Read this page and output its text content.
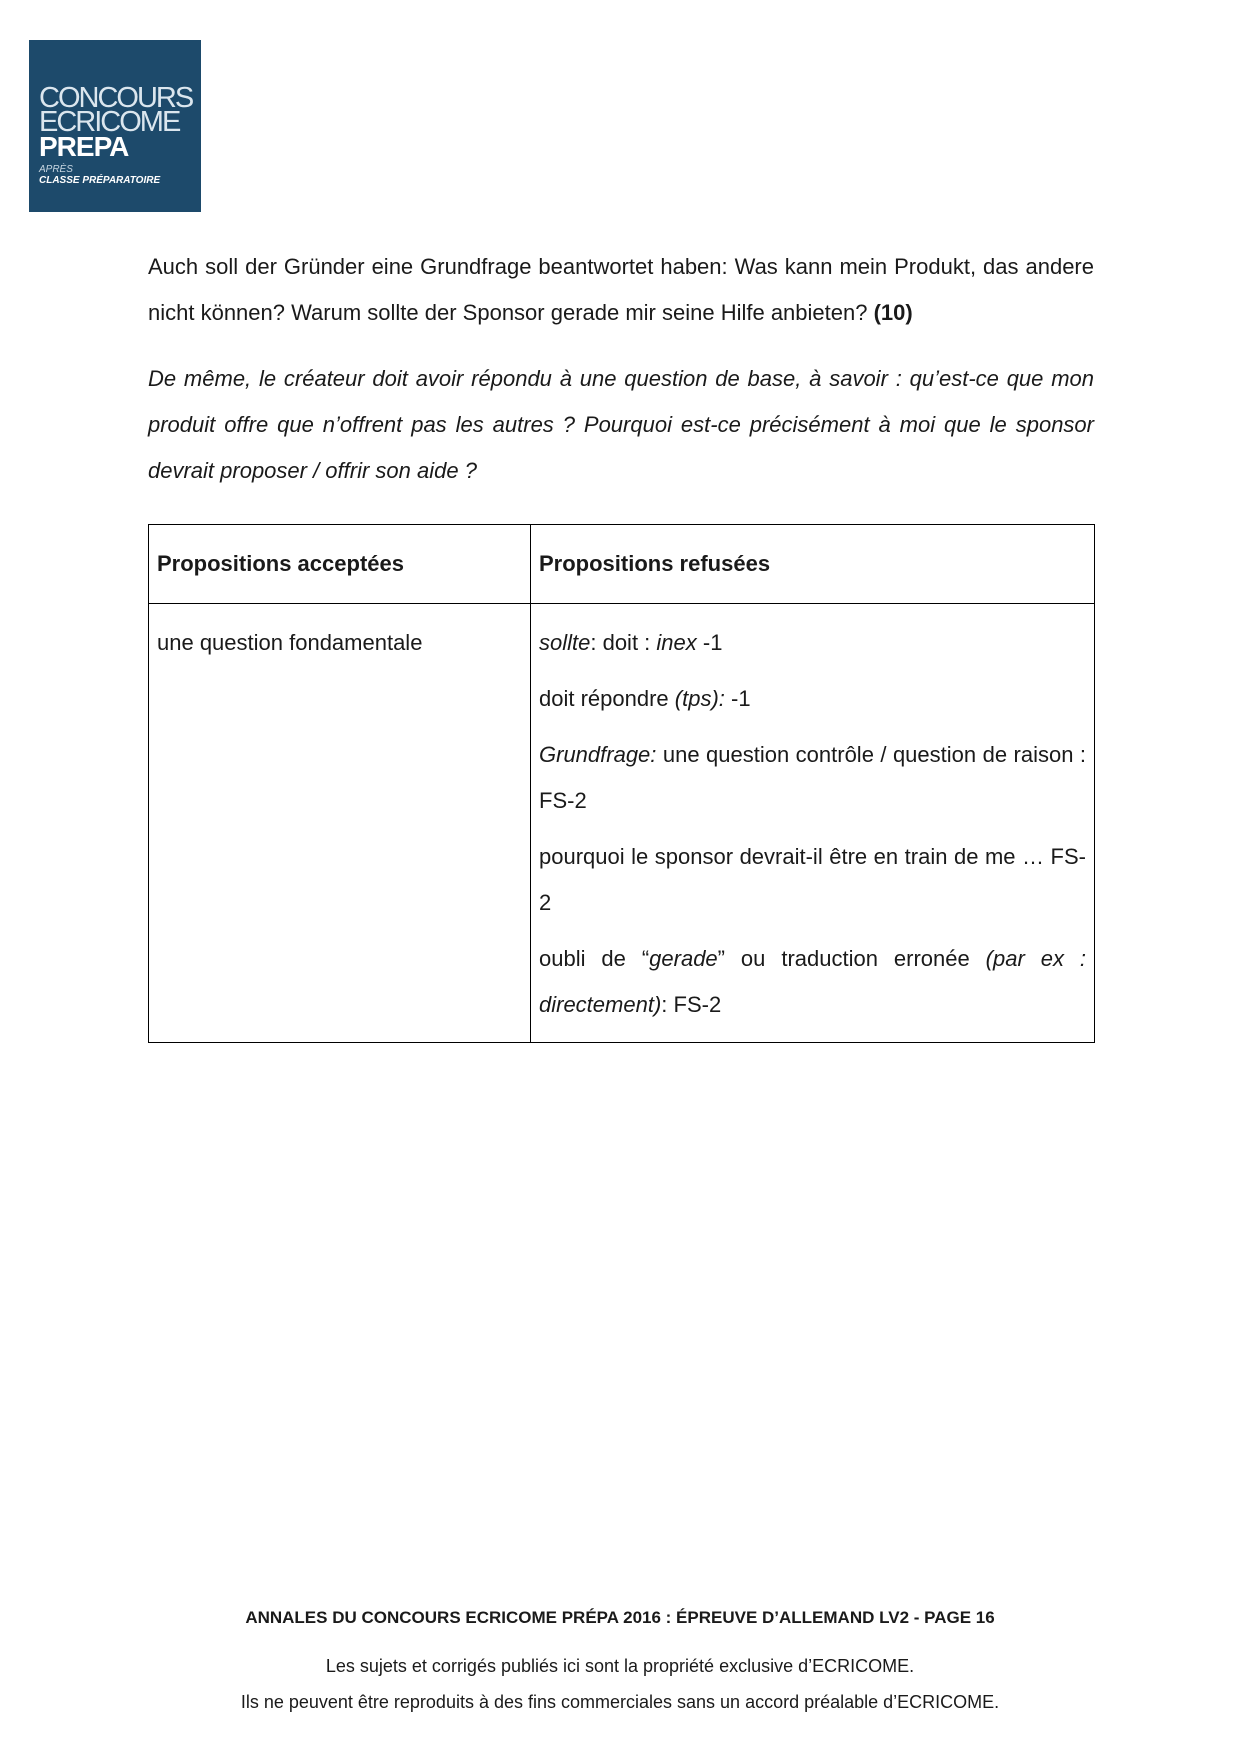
CONCOURS
ECRICOME
PREPA
APRÈS
CLASSE PRÉPARATOIRE

Auch soll der Gründer eine Grundfrage beantwortet haben: Was kann mein Produkt, das andere nicht können? Warum sollte der Sponsor gerade mir seine Hilfe anbieten? (10)

De même, le créateur doit avoir répondu à une question de base, à savoir : qu’est-ce que mon produit offre que n’offrent pas les autres ? Pourquoi est-ce précisément à moi que le sponsor devrait proposer / offrir son aide ?

Propositions acceptées	Propositions refusées

une question fondamentale	sollte: doit : inex -1

doit répondre (tps): -1

Grundfrage: une question contrôle / question de raison : FS-2

pourquoi le sponsor devrait-il être en train de me … FS-2

oubli de “gerade” ou traduction erronée (par ex : directement): FS-2

ANNALES DU CONCOURS ECRICOME PRÉPA 2016 : ÉPREUVE D’ALLEMAND LV2 - PAGE 16
Les sujets et corrigés publiés ici sont la propriété exclusive d’ECRICOME.
Ils ne peuvent être reproduits à des fins commerciales sans un accord préalable d’ECRICOME.
